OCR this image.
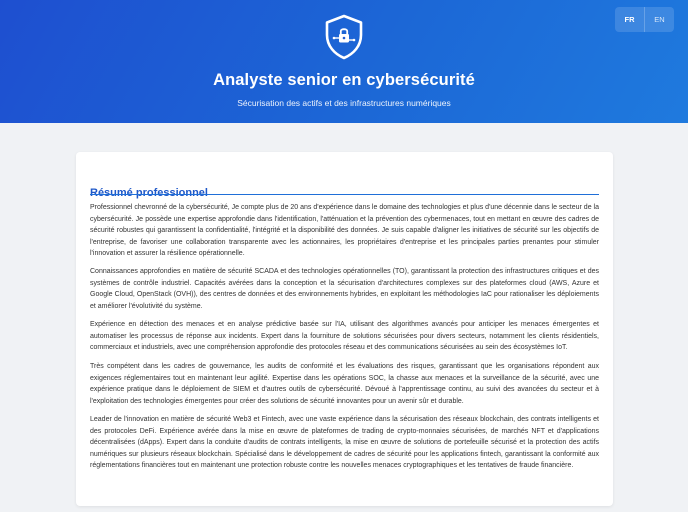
Analyste senior en cybersécurité
Sécurisation des actifs et des infrastructures numériques
FR	EN
Résumé professionnel

Professionnel chevronné de la cybersécurité, Je compte plus de 20 ans d'expérience dans le domaine des technologies et plus d'une décennie dans le secteur de la cybersécurité. Je possède une expertise approfondie dans l'identification, l'atténuation et la prévention des cybermenaces, tout en mettant en œuvre des cadres de sécurité robustes qui garantissent la confidentialité, l'intégrité et la disponibilité des données. Je suis capable d'aligner les initiatives de sécurité sur les objectifs de l'entreprise, de favoriser une collaboration transparente avec les actionnaires, les propriétaires d'entreprise et les principales parties prenantes pour stimuler l'innovation et assurer la résilience opérationnelle.

Connaissances approfondies en matière de sécurité SCADA et des technologies opérationnelles (TO), garantissant la protection des infrastructures critiques et des systèmes de contrôle industriel. Capacités avérées dans la conception et la sécurisation d'architectures complexes sur des plateformes cloud (AWS, Azure et Google Cloud, OpenStack (OVH)), des centres de données et des environnements hybrides, en exploitant les méthodologies IaC pour rationaliser les déploiements et améliorer l'évolutivité du système.

Expérience en détection des menaces et en analyse prédictive basée sur l'IA, utilisant des algorithmes avancés pour anticiper les menaces émergentes et automatiser les processus de réponse aux incidents. Expert dans la fourniture de solutions sécurisées pour divers secteurs, notamment les clients résidentiels, commerciaux et industriels, avec une compréhension approfondie des protocoles réseau et des communications sécurisées au sein des écosystèmes IoT.

Très compétent dans les cadres de gouvernance, les audits de conformité et les évaluations des risques, garantissant que les organisations répondent aux exigences réglementaires tout en maintenant leur agilité. Expertise dans les opérations SOC, la chasse aux menaces et la surveillance de la sécurité, avec une expérience pratique dans le déploiement de SIEM et d'autres outils de cybersécurité. Dévoué à l'apprentissage continu, au suivi des avancées du secteur et à l'exploitation des technologies émergentes pour créer des solutions de sécurité innovantes pour un avenir sûr et durable.

Leader de l'innovation en matière de sécurité Web3 et Fintech, avec une vaste expérience dans la sécurisation des réseaux blockchain, des contrats intelligents et des protocoles DeFi. Expérience avérée dans la mise en œuvre de plateformes de trading de crypto-monnaies sécurisées, de marchés NFT et d'applications décentralisées (dApps). Expert dans la conduite d'audits de contrats intelligents, la mise en œuvre de solutions de portefeuille sécurisé et la protection des actifs numériques sur plusieurs réseaux blockchain. Spécialisé dans le développement de cadres de sécurité pour les applications fintech, garantissant la conformité aux réglementations financières tout en maintenant une protection robuste contre les nouvelles menaces cryptographiques et les tentatives de fraude financière.
